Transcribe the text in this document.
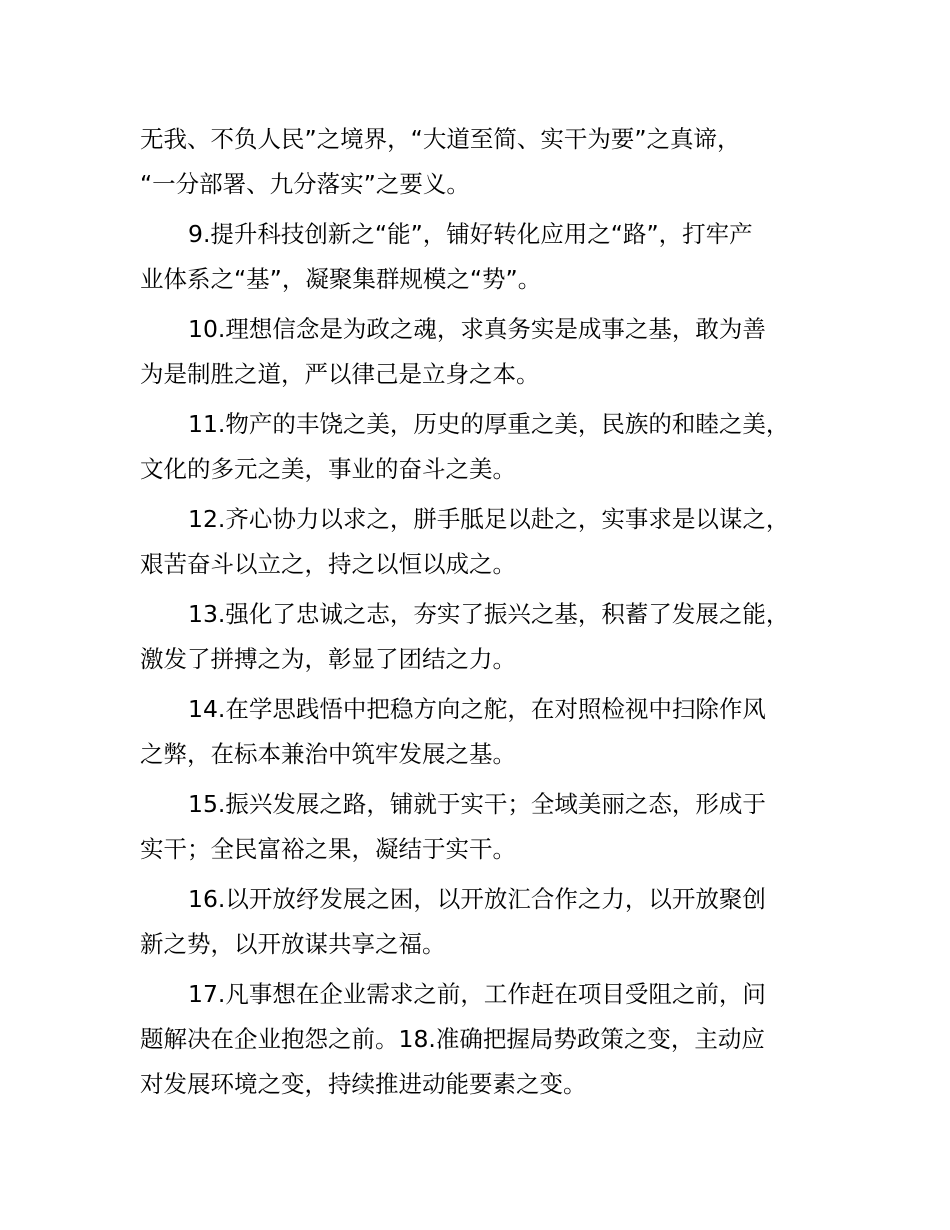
无我、不负人民”之境界，“大道至简、实干为要”之真谛，
“一分部署、九分落实”之要义。

9.提升科技创新之“能”，铺好转化应用之“路”，打牢产
业体系之“基”，凝聚集群规模之“势”。

10.理想信念是为政之魂，求真务实是成事之基，敢为善
为是制胜之道，严以律己是立身之本。

11.物产的丰饶之美，历史的厚重之美，民族的和睦之美，
文化的多元之美，事业的奋斗之美。

12.齐心协力以求之，胼手胝足以赴之，实事求是以谋之，
艰苦奋斗以立之，持之以恒以成之。

13.强化了忠诚之志，夯实了振兴之基，积蓄了发展之能，
激发了拼搏之为，彰显了团结之力。

14.在学思践悟中把稳方向之舵，在对照检视中扫除作风
之弊，在标本兼治中筑牢发展之基。

15.振兴发展之路，铺就于实干；全域美丽之态，形成于
实干；全民富裕之果，凝结于实干。

16.以开放纾发展之困，以开放汇合作之力，以开放聚创
新之势，以开放谋共享之福。

17.凡事想在企业需求之前，工作赶在项目受阻之前，问
题解决在企业抱怨之前。18.准确把握局势政策之变，主动应
对发展环境之变，持续推进动能要素之变。
